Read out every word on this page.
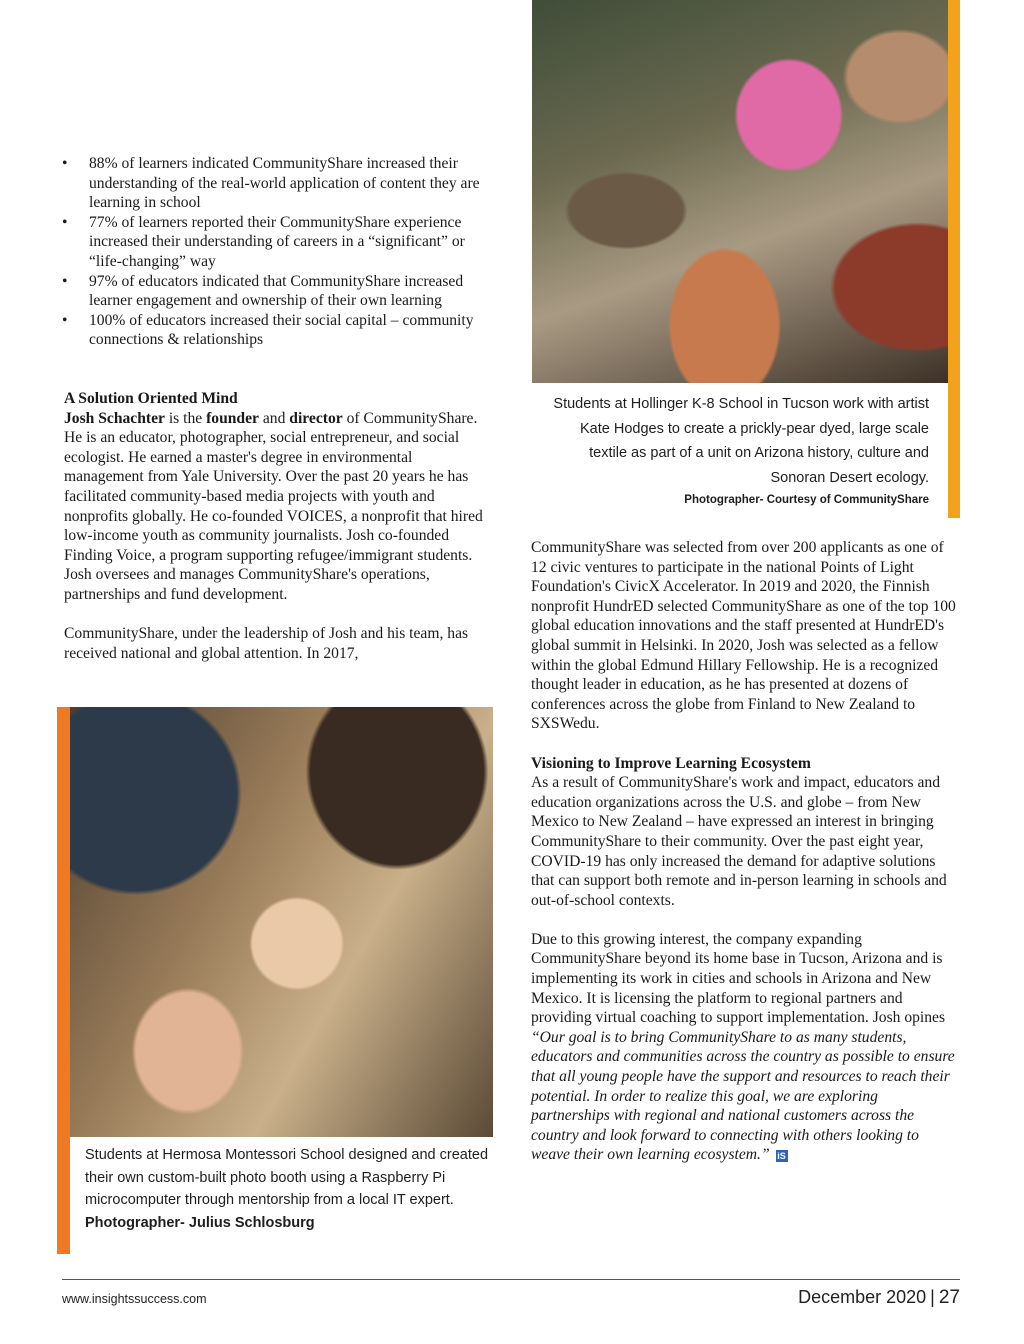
• 88% of learners indicated CommunityShare increased their understanding of the real-world application of content they are learning in school
• 77% of learners reported their CommunityShare experience increased their understanding of careers in a “significant” or “life-changing” way
• 97% of educators indicated that CommunityShare increased learner engagement and ownership of their own learning
• 100% of educators increased their social capital – community connections & relationships

A Solution Oriented Mind

Josh Schachter is the founder and director of CommunityShare. He is an educator, photographer, social entrepreneur, and social ecologist. He earned a master's degree in environmental management from Yale University. Over the past 20 years he has facilitated community-based media projects with youth and nonprofits globally. He co-founded VOICES, a nonprofit that hired low-income youth as community journalists. Josh co-founded Finding Voice, a program supporting refugee/immigrant students. Josh oversees and manages CommunityShare's operations, partnerships and fund development.

CommunityShare, under the leadership of Josh and his team, has received national and global attention. In 2017,

Students at Hollinger K-8 School in Tucson work with artist Kate Hodges to create a prickly-pear dyed, large scale textile as part of a unit on Arizona history, culture and Sonoran Desert ecology.
Photographer- Courtesy of CommunityShare
Students at Hermosa Montessori School designed and created their own custom-built photo booth using a Raspberry Pi microcomputer through mentorship from a local IT expert.
Photographer- Julius Schlosburg

CommunityShare was selected from over 200 applicants as one of 12 civic ventures to participate in the national Points of Light Foundation's CivicX Accelerator. In 2019 and 2020, the Finnish nonprofit HundrED selected CommunityShare as one of the top 100 global education innovations and the staff presented at HundrED's global summit in Helsinki. In 2020, Josh was selected as a fellow within the global Edmund Hillary Fellowship. He is a recognized thought leader in education, as he has presented at dozens of conferences across the globe from Finland to New Zealand to SXSWedu.

Visioning to Improve Learning Ecosystem

As a result of CommunityShare's work and impact, educators and education organizations across the U.S. and globe – from New Mexico to New Zealand – have expressed an interest in bringing CommunityShare to their community. Over the past eight year, COVID-19 has only increased the demand for adaptive solutions that can support both remote and in-person learning in schools and out-of-school contexts.

Due to this growing interest, the company expanding CommunityShare beyond its home base in Tucson, Arizona and is implementing its work in cities and schools in Arizona and New Mexico. It is licensing the platform to regional partners and providing virtual coaching to support implementation. Josh opines “Our goal is to bring CommunityShare to as many students, educators and communities across the country as possible to ensure that all young people have the support and resources to reach their potential. In order to realize this goal, we are exploring partnerships with regional and national customers across the country and look forward to connecting with others looking to weave their own learning ecosystem.” iS

www.insightssuccess.com	December 2020 | 27
